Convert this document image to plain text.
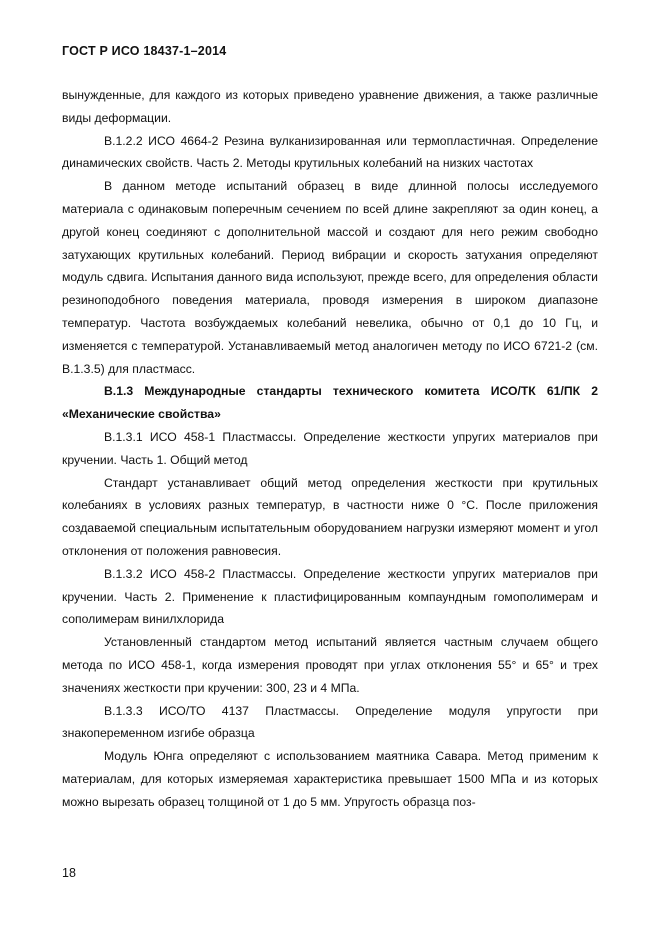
ГОСТ Р ИСО 18437-1–2014

вынужденные, для каждого из которых приведено уравнение движения, а также различные виды деформации.

В.1.2.2 ИСО 4664-2 Резина вулканизированная или термопластичная. Определение динамических свойств. Часть 2. Методы крутильных колебаний на низких частотах

В данном методе испытаний образец в виде длинной полосы исследуемого материала с одинаковым поперечным сечением по всей длине закрепляют за один конец, а другой конец соединяют с дополнительной массой и создают для него режим свободно затухающих крутильных колебаний. Период вибрации и скорость затухания определяют модуль сдвига. Испытания данного вида используют, прежде всего, для определения области резиноподобного поведения материала, проводя измерения в широком диапазоне температур. Частота возбуждаемых колебаний невелика, обычно от 0,1 до 10 Гц, и изменяется с температурой. Устанавливаемый метод аналогичен методу по ИСО 6721-2 (см. В.1.3.5) для пластмасс.

В.1.3 Международные стандарты технического комитета ИСО/ТК 61/ПК 2 «Механические свойства»

В.1.3.1 ИСО 458-1 Пластмассы. Определение жесткости упругих материалов при кручении. Часть 1. Общий метод

Стандарт устанавливает общий метод определения жесткости при крутильных колебаниях в условиях разных температур, в частности ниже 0 °С. После приложения создаваемой специальным испытательным оборудованием нагрузки измеряют момент и угол отклонения от положения равновесия.

В.1.3.2 ИСО 458-2 Пластмассы. Определение жесткости упругих материалов при кручении. Часть 2. Применение к пластифицированным компаундным гомополимерам и сополимерам винилхлорида

Установленный стандартом метод испытаний является частным случаем общего метода по ИСО 458-1, когда измерения проводят при углах отклонения 55° и 65° и трех значениях жесткости при кручении: 300, 23 и 4 МПа.

В.1.3.3 ИСО/ТО 4137 Пластмассы. Определение модуля упругости при знакопеременном изгибе образца

Модуль Юнга определяют с использованием маятника Савара. Метод применим к материалам, для которых измеряемая характеристика превышает 1500 МПа и из которых можно вырезать образец толщиной от 1 до 5 мм. Упругость образца поз-

18
